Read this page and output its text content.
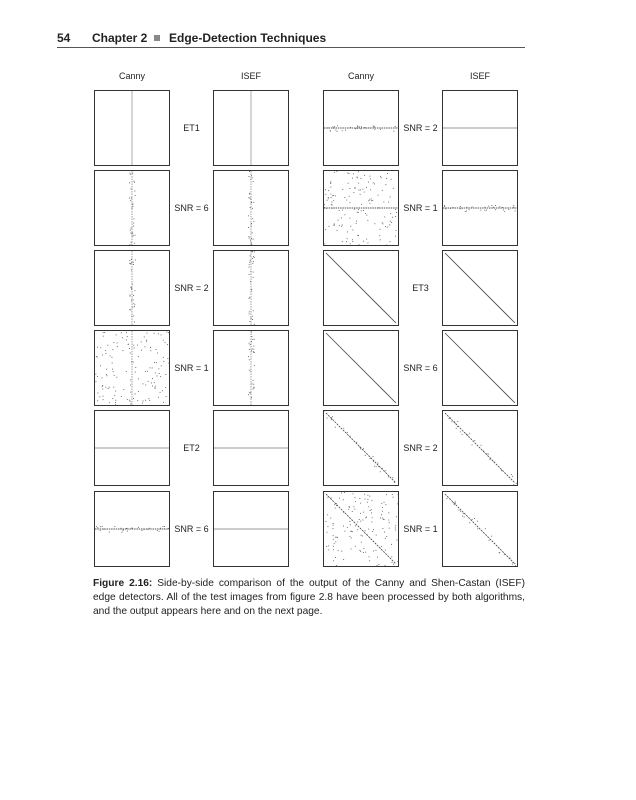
54 Chapter 2 Edge-Detection Techniques
Canny	ISEF	Canny	ISEF
ET1	SNR = 2
SNR = 6	SNR = 1
SNR = 2	ET3
SNR = 1	SNR = 6
ET2	SNR = 2
SNR = 6	SNR = 1
Figure 2.16: Side-by-side comparison of the output of the Canny and Shen-Castan (ISEF) edge detectors. All of the test images from figure 2.8 have been processed by both algorithms, and the output appears here and on the next page.
